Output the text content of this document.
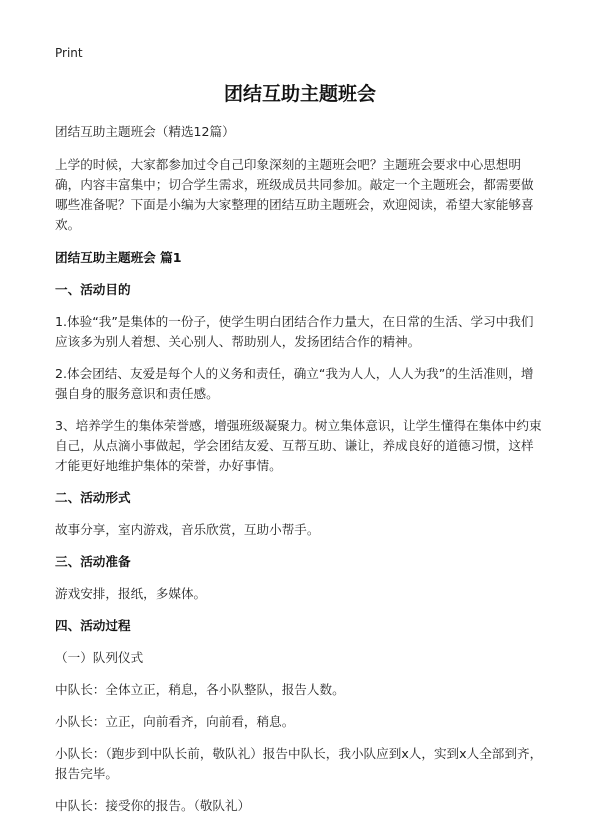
Print
团结互助主题班会

团结互助主题班会（精选12篇）

上学的时候，大家都参加过令自己印象深刻的主题班会吧？主题班会要求中心思想明确，内容丰富集中；切合学生需求，班级成员共同参加。敲定一个主题班会，都需要做哪些准备呢？下面是小编为大家整理的团结互助主题班会，欢迎阅读，希望大家能够喜欢。

团结互助主题班会 篇1

一、活动目的

1.体验“我”是集体的一份子，使学生明白团结合作力量大，在日常的生活、学习中我们应该多为别人着想、关心别人、帮助别人，发扬团结合作的精神。

2.体会团结、友爱是每个人的义务和责任，确立“我为人人，人人为我”的生活准则，增强自身的服务意识和责任感。

3、培养学生的集体荣誉感，增强班级凝聚力。树立集体意识，让学生懂得在集体中约束自己，从点滴小事做起，学会团结友爱、互帮互助、谦让，养成良好的道德习惯，这样才能更好地维护集体的荣誉，办好事情。

二、活动形式

故事分享，室内游戏，音乐欣赏，互助小帮手。

三、活动准备

游戏安排，报纸，多媒体。

四、活动过程

（一）队列仪式

中队长：全体立正，稍息，各小队整队，报告人数。

小队长：立正，向前看齐，向前看，稍息。

小队长：（跑步到中队长前，敬队礼）报告中队长，我小队应到x人，实到x人全部到齐，报告完毕。

中队长：接受你的报告。（敬队礼）
